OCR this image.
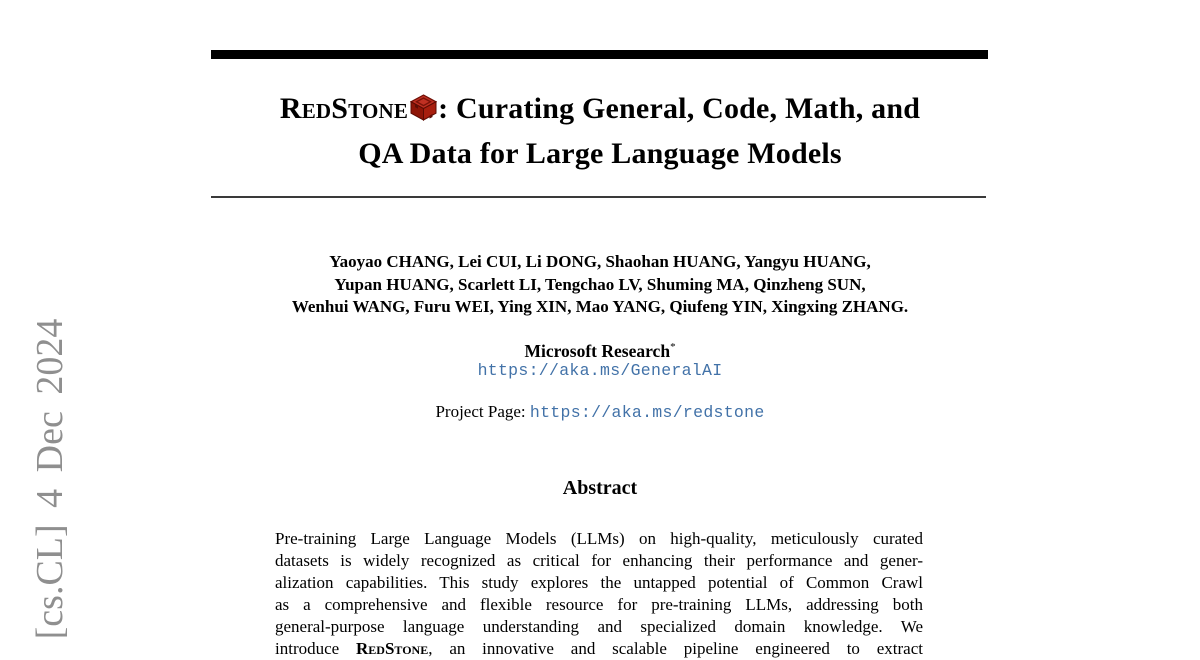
[cs.CL] 4 Dec 2024
RedStone : Curating General, Code, Math, and
QA Data for Large Language Models
Yaoyao CHANG, Lei CUI, Li DONG, Shaohan HUANG, Yangyu HUANG,
Yupan HUANG, Scarlett LI, Tengchao LV, Shuming MA, Qinzheng SUN,
Wenhui WANG, Furu WEI, Ying XIN, Mao YANG, Qiufeng YIN, Xingxing ZHANG.
Microsoft Research*
https://aka.ms/GeneralAI
Project Page: https://aka.ms/redstone
Abstract
Pre-training Large Language Models (LLMs) on high-quality, meticulously curated
datasets is widely recognized as critical for enhancing their performance and gener-
alization capabilities. This study explores the untapped potential of Common Crawl
as a comprehensive and flexible resource for pre-training LLMs, addressing both
general-purpose language understanding and specialized domain knowledge. We
introduce RedStone, an innovative and scalable pipeline engineered to extract
